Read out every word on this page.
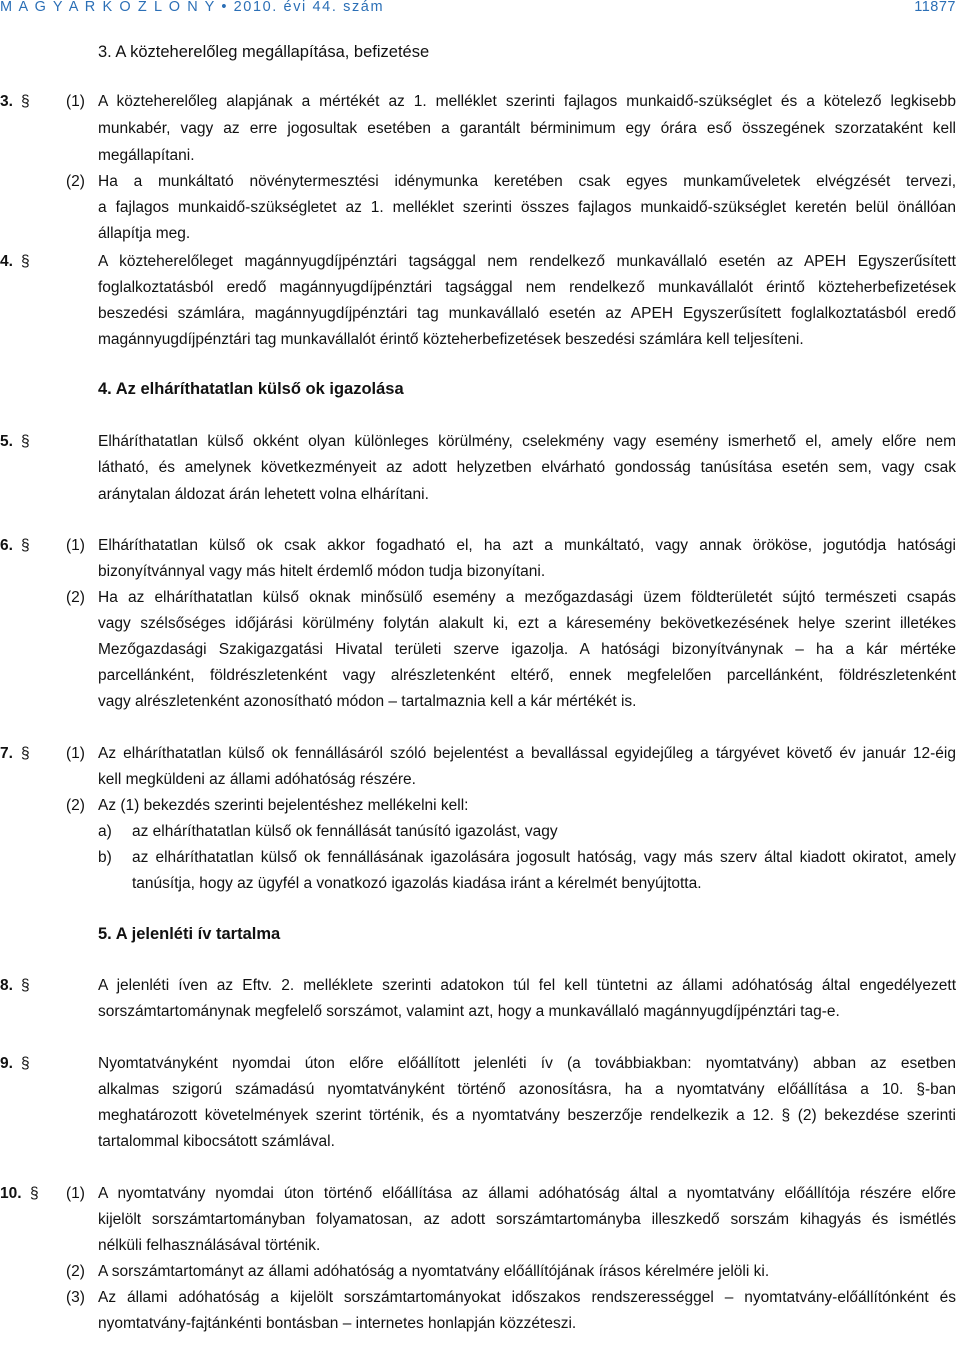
M A G Y A R K Ö Z L Ö N Y • 2010. évi 44. szám	11877
3. A közteherelőleg megállapítása, befizetése
3. § (1) A közteherelőleg alapjának a mértékét az 1. melléklet szerinti fajlagos munkaidő-szükséglet és a kötelező legkisebb
munkabér, vagy az erre jogosultak esetében a garantált bérminimum egy órára eső összegének szorzataként kell
megállapítani.
(2) Ha a munkáltató növénytermesztési idénymunka keretében csak egyes munkaműveletek elvégzését tervezi,
a fajlagos munkaidő-szükségletet az 1. melléklet szerinti összes fajlagos munkaidő-szükséglet keretén belül önállóan
állapítja meg.
4. §	A közteherelőleget magánnyugdíjpénztári tagsággal nem rendelkező munkavállaló esetén az APEH Egyszerűsített
foglalkoztatásból eredő magánnyugdíjpénztári tagsággal nem rendelkező munkavállalót érintő közteherbefizetések
beszedési számlára, magánnyugdíjpénztári tag munkavállaló esetén az APEH Egyszerűsített foglalkoztatásból eredő
magánnyugdíjpénztári tag munkavállalót érintő közteherbefizetések beszedési számlára kell teljesíteni.
4. Az elháríthatatlan külső ok igazolása
5. §	Elháríthatatlan külső okként olyan különleges körülmény, cselekmény vagy esemény ismerhető el, amely előre nem
látható, és amelynek következményeit az adott helyzetben elvárható gondosság tanúsítása esetén sem, vagy csak
aránytalan áldozat árán lehetett volna elhárítani.
6. § (1) Elháríthatatlan külső ok csak akkor fogadható el, ha azt a munkáltató, vagy annak örököse, jogutódja hatósági
bizonyítvánnyal vagy más hitelt érdemlő módon tudja bizonyítani.
(2) Ha az elháríthatatlan külső oknak minősülő esemény a mezőgazdasági üzem földterületét sújtó természeti csapás
vagy szélsőséges időjárási körülmény folytán alakult ki, ezt a káresemény bekövetkezésének helye szerint illetékes
Mezőgazdasági Szakigazgatási Hivatal területi szerve igazolja. A hatósági bizonyítványnak – ha a kár mértéke
parcellánként, földrészletenként vagy alrészletenként eltérő, ennek megfelelően parcellánként, földrészletenként
vagy alrészletenként azonosítható módon – tartalmaznia kell a kár mértékét is.
7. § (1) Az elháríthatatlan külső ok fennállásáról szóló bejelentést a bevallással egyidejűleg a tárgyévet követő év január 12-éig
kell megküldeni az állami adóhatóság részére.
(2) Az (1) bekezdés szerinti bejelentéshez mellékelni kell:
a) az elháríthatatlan külső ok fennállását tanúsító igazolást, vagy
b) az elháríthatatlan külső ok fennállásának igazolására jogosult hatóság, vagy más szerv által kiadott okiratot, amely
tanúsítja, hogy az ügyfél a vonatkozó igazolás kiadása iránt a kérelmét benyújtotta.
5. A jelenléti ív tartalma
8. §	A jelenléti íven az Eftv. 2. melléklete szerinti adatokon túl fel kell tüntetni az állami adóhatóság által engedélyezett
sorszámtartománynak megfelelő sorszámot, valamint azt, hogy a munkavállaló magánnyugdíjpénztári tag-e.
9. §	Nyomtatványként nyomdai úton előre előállított jelenléti ív (a továbbiakban: nyomtatvány) abban az esetben
alkalmas szigorú számadású nyomtatványként történő azonosításra, ha a nyomtatvány előállítása a 10. §-ban
meghatározott követelmények szerint történik, és a nyomtatvány beszerzője rendelkezik a 12. § (2) bekezdése szerinti
tartalommal kibocsátott számlával.
10. § (1) A nyomtatvány nyomdai úton történő előállítása az állami adóhatóság által a nyomtatvány előállítója részére előre
kijelölt sorszámtartományban folyamatosan, az adott sorszámtartományba illeszkedő sorszám kihagyás és ismétlés
nélküli felhasználásával történik.
(2) A sorszámtartományt az állami adóhatóság a nyomtatvány előállítójának írásos kérelmére jelöli ki.
(3) Az állami adóhatóság a kijelölt sorszámtartományokat időszakos rendszerességgel – nyomtatvány-előállítónként és
nyomtatvány-fajtánkénti bontásban – internetes honlapján közzéteszi.
